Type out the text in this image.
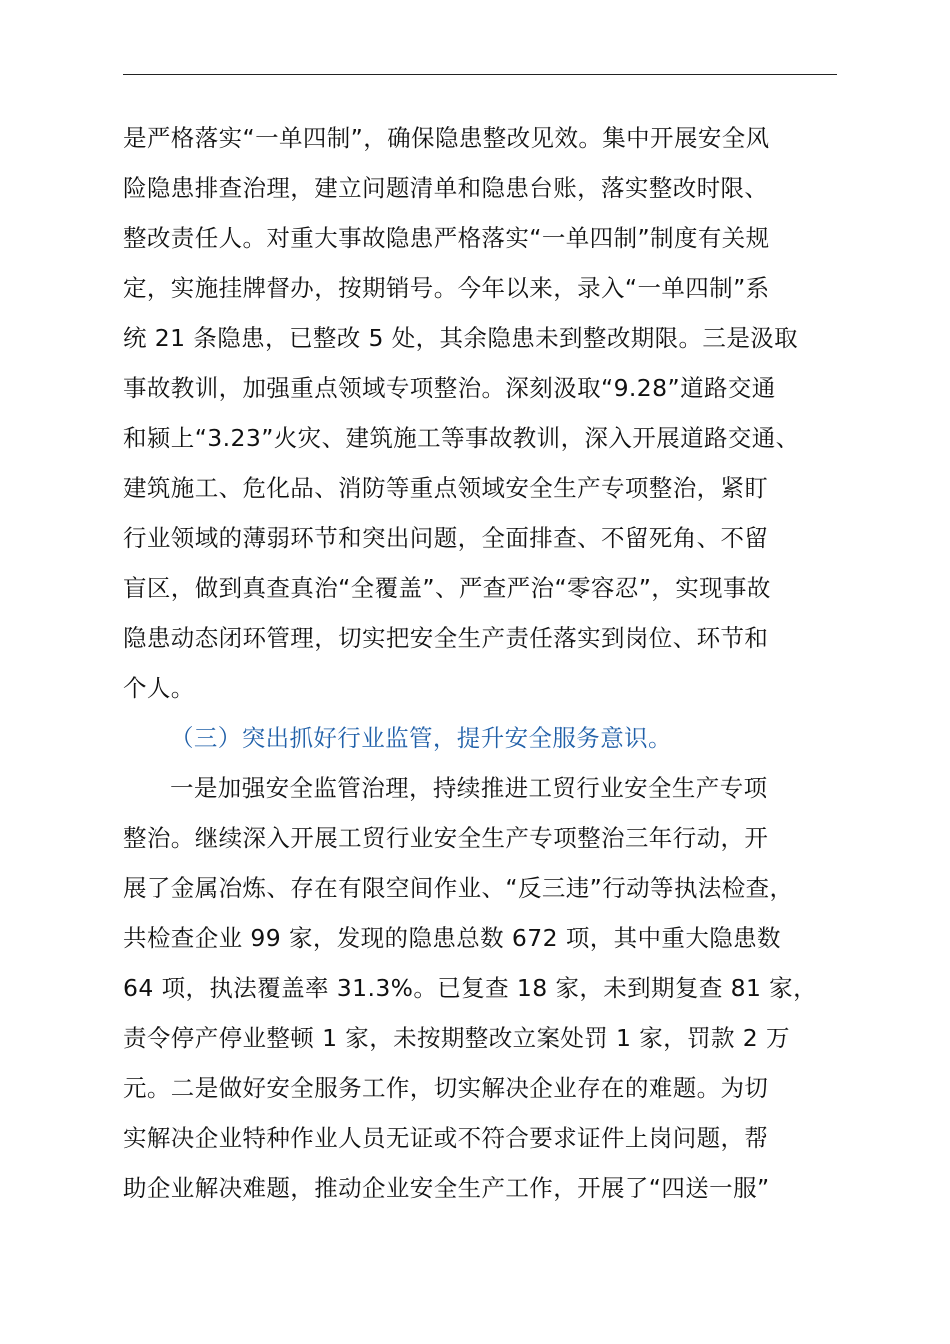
是严格落实“一单四制”，确保隐患整改见效。集中开展安全风
险隐患排查治理，建立问题清单和隐患台账，落实整改时限、
整改责任人。对重大事故隐患严格落实“一单四制”制度有关规
定，实施挂牌督办，按期销号。今年以来，录入“一单四制”系
统 21 条隐患，已整改 5 处，其余隐患未到整改期限。三是汲取
事故教训，加强重点领域专项整治。深刻汲取“9.28”道路交通
和颍上“3.23”火灾、建筑施工等事故教训，深入开展道路交通、
建筑施工、危化品、消防等重点领域安全生产专项整治，紧盯
行业领域的薄弱环节和突出问题，全面排查、不留死角、不留
盲区，做到真查真治“全覆盖”、严查严治“零容忍”，实现事故
隐患动态闭环管理，切实把安全生产责任落实到岗位、环节和
个人。
（三）突出抓好行业监管，提升安全服务意识。
一是加强安全监管治理，持续推进工贸行业安全生产专项
整治。继续深入开展工贸行业安全生产专项整治三年行动，开
展了金属冶炼、存在有限空间作业、“反三违”行动等执法检查，
共检查企业 99 家，发现的隐患总数 672 项，其中重大隐患数
64 项，执法覆盖率 31.3%。已复查 18 家，未到期复查 81 家，
责令停产停业整顿 1 家，未按期整改立案处罚 1 家，罚款 2 万
元。二是做好安全服务工作，切实解决企业存在的难题。为切
实解决企业特种作业人员无证或不符合要求证件上岗问题，帮
助企业解决难题，推动企业安全生产工作，开展了“四送一服”
